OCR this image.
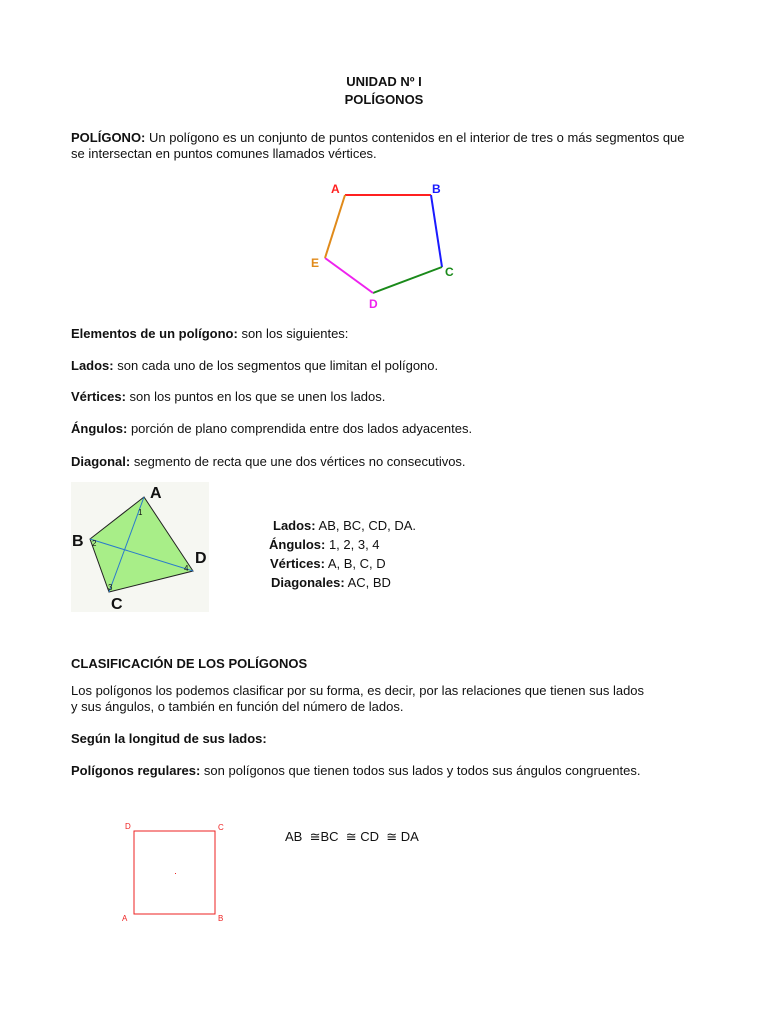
UNIDAD Nº I
POLÍGONOS
POLÍGONO: Un polígono es un conjunto de puntos contenidos en el interior de tres o más segmentos que se intersectan en puntos comunes llamados vértices.
A	B
C
D
E
Elementos de un polígono: son los siguientes:
Lados: son cada uno de los segmentos que limitan el polígono.
Vértices: son los puntos en los que se unen los lados.
Ángulos: porción de plano comprendida entre dos lados adyacentes.
Diagonal: segmento de recta que une dos vértices no consecutivos.
A
B
C
D
1
2
3
4
Lados: AB, BC, CD, DA.
Ángulos: 1, 2, 3, 4
Vértices: A, B, C, D
Diagonales: AC, BD
CLASIFICACIÓN DE LOS POLÍGONOS
Los polígonos los podemos clasificar por su forma, es decir, por las relaciones que tienen sus lados y sus ángulos, o también en función del número de lados.
Según la longitud de sus lados:
Polígonos regulares: son polígonos que tienen todos sus lados y todos sus ángulos congruentes.
D	C
A	B
AB  ≅BC  ≅ CD  ≅ DA
